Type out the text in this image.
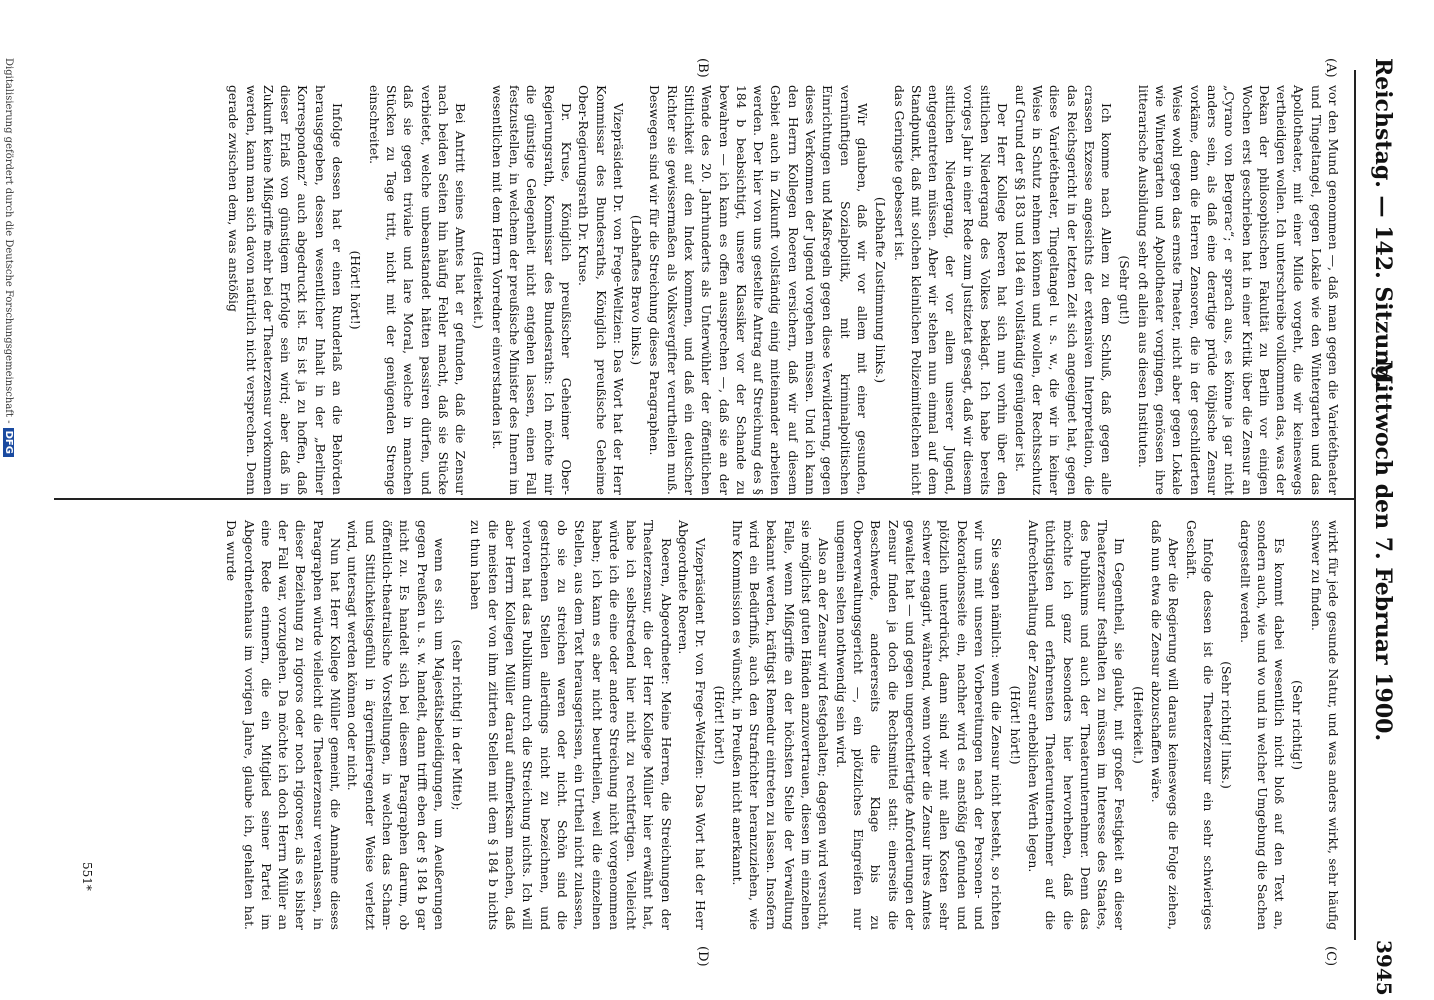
Reichstag. — 142. Sitzung.
Mittwoch den 7. Februar 1900.
3945
(A)
(B)
(C)
(D)

vor den Mund genommen —, daß man gegen die Varietétheater und Tingeltangel, gegen Lokale wie den Wintergarten und das Apollotheater, mit einer Milde vorgeht, die wir keineswegs vertheidigen wollen. Ich unterschreibe vollkommen das, was der Dekan der philosophischen Fakultät zu Berlin vor einigen Wochen erst geschrieben hat in einer Kritik über die Zensur an „Cyrano von Bergerac“; er sprach aus, es könne ja gar nicht anders sein, als daß eine derartige prüde tölpische Zensur vorkäme, denn die Herren Zensoren, die in der geschilderten Weise wohl gegen das ernste Theater, nicht aber gegen Lokale wie Wintergarten und Apollotheater vorgingen, genössen ihre litterarische Ausbildung sehr oft allein aus diesen Instituten.

(Sehr gut!)

Ich komme nach Allem zu dem Schluß, daß gegen alle crassen Exzesse angesichts der extensiven Interpretation, die das Reichsgericht in der letzten Zeit sich angeeignet hat, gegen diese Varietétheater, Tingeltangel u. s. w., die wir in keiner Weise in Schutz nehmen können und wollen, der Rechtsschutz auf Grund der §§ 183 und 184 ein vollständig genügender ist.

Der Herr Kollege Roeren hat sich nun vorhin über den sittlichen Niedergang des Volkes beklagt. Ich habe bereits voriges Jahr in einer Rede zum Justizetat gesagt, daß wir diesem sittlichen Niedergang, der vor allem unserer Jugend, entgegentreten müssen. Aber wir stehen nun einmal auf dem Standpunkt, daß mit solchen kleinlichen Polizeimittelchen nicht das Geringste gebessert ist.

(Lebhafte Zustimmung links.)

Wir glauben, daß wir vor allem mit einer gesunden, vernünftigen Sozialpolitik, mit kriminalpolitischen Einrichtungen und Maßregeln gegen diese Verwilderung, gegen dieses Verkommen der Jugend vorgehen müssen. Und ich kann den Herrn Kollegen Roeren versichern, daß wir auf diesem Gebiet auch in Zukunft vollständig einig miteinander arbeiten werden. Der hier von uns gestellte Antrag auf Streichung des § 184 b beabsichtigt, unsere Klassiker vor der Schande zu bewahren — ich kann es offen aussprechen —, daß sie an der Wende des 20. Jahrhunderts als Unterwühler der öffentlichen Sittlichkeit auf den Index kommen, und daß ein deutscher Richter sie gewissermaßen als Volksvergifter verurtheilen muß. Deswegen sind wir für die Streichung dieses Paragraphen.

(Lebhaftes Bravo links.)

Vizepräsident Dr. von Frege-Weltzien: Das Wort hat der Herr Kommissar des Bundesraths, Königlich preußische Geheime Ober-Regierungsrath Dr. Kruse.

Dr. Kruse, Königlich preußischer Geheimer Ober-Regierungsrath, Kommissar des Bundesraths: Ich möchte mir die günstige Gelegenheit nicht entgehen lassen, einen Fall festzustellen, in welchem der preußische Minister des Innern im wesentlichen mit dem Herrn Vorredner einverstanden ist.

(Heiterkeit.)

Bei Antritt seines Amtes hat er gefunden, daß die Zensur nach beiden Seiten hin häufig Fehler macht, daß sie Stücke verbietet, welche unbeanstandet hätten passiren dürfen, und daß sie gegen triviale und lare Moral, welche in manchen Stücken zu Tage tritt, nicht mit der genügenden Strenge einschreitet.

(Hört! hört!)

Infolge dessen hat er einen Runderlaß an die Behörden herausgegeben, dessen wesentlicher Inhalt in der „Berliner Korrespondenz“ auch abgedruckt ist. Es ist ja zu hoffen, daß dieser Erlaß von günstigem Erfolge sein wird; aber daß in Zukunft keine Mißgriffe mehr bei der Theaterzensur vorkommen werden, kann man sich davon natürlich nicht versprechen. Denn gerade zwischen dem, was anstößig

wirkt für jede gesunde Natur, und was anders wirkt, sehr häufig schwer zu finden.

(Sehr richtig!)

Es kommt dabei wesentlich nicht bloß auf den Text an, sondern auch, wie und wo und in welcher Umgebung die Sachen dargestellt werden.

(Sehr richtig! links.)

Infolge dessen ist die Theaterzensur ein sehr schwieriges Geschäft.

Aber die Regierung will daraus keineswegs die Folge ziehen, daß nun etwa die Zensur abzuschaffen wäre.

(Heiterkeit.)

Im Gegentheil, sie glaubt, mit großer Festigkeit an dieser Theaterzensur festhalten zu müssen im Interesse des Staates, des Publikums und auch der Theaterunternehmer. Denn das möchte ich ganz besonders hier hervorheben, daß die tüchtigsten und erfahrensten Theaterunternehmer auf die Aufrechterhaltung der Zensur erheblichen Werth legen.

(Hört! hört!)

Sie sagen nämlich: wenn die Zensur nicht besteht, so richten wir uns mit unseren Vorbereitungen nach der Personen- und Dekorationsseite ein, nachher wird es anstößig gefunden und plötzlich unterdrückt, dann sind wir mit allen Kosten sehr schwer engagirt, während, wenn vorher die Zensur ihres Amtes gewaltet hat — und gegen ungerechtfertigte Anforderungen der Zensur finden ja doch die Rechtsmittel statt: einerseits die Beschwerde, andererseits die Klage bis zu Oberverwaltungsgericht —, ein plötzliches Eingreifen nur ungemein selten nothwendig sein wird.

Also an der Zensur wird festgehalten; dagegen wird versucht, sie möglichst guten Händen anzuvertrauen, diesen im einzelnen Falle, wenn Mißgriffe an der höchsten Stelle der Verwaltung bekannt werden, kräftigst Remedur eintreten zu lassen. Insofern wird ein Bedürfniß, auch den Strafrichter heranzuziehen, wie Ihre Kommission es wünscht, in Preußen nicht anerkannt.

(Hört! hört!)

Vizepräsident Dr. von Frege-Weltzien: Das Wort hat der Herr Abgeordnete Roeren.

Roeren, Abgeordneter: Meine Herren, die Streichungen der Theaterzensur, die der Herr Kollege Müller hier erwähnt hat, habe ich selbstredend hier nicht zu rechtfertigen. Vielleicht würde ich die eine oder andere Streichung nicht vorgenommen haben; ich kann es aber nicht beurtheilen, weil die einzelnen Stellen, aus dem Text herausgerissen, ein Urtheil nicht zulassen, ob sie zu streichen waren oder nicht. Schön sind die gestrichenen Stellen allerdings nicht zu bezeichnen, und verloren hat das Publikum durch die Streichung nichts. Ich will aber Herrn Kollegen Müller darauf aufmerksam machen, daß die meisten der von ihm zitirten Stellen mit dem § 184 b nichts zu thun haben

(sehr richtig! in der Mitte);

wenn es sich um Majestätsbeleidigungen, um Aeußerungen gegen Preußen u. s. w. handelt, dann trifft eben der § 184 b gar nicht zu. Es handelt sich bei diesem Paragraphen darum, ob öffentlich-theatralische Vorstellungen, in welchen das Scham- und Sittlichkeitsgefühl in ärgernißerregender Weise verletzt wird, untersagt werden können oder nicht.

Nun hat Herr Kollege Müller gemeint, die Annahme dieses Paragraphen würde vielleicht die Theaterzensur veranlassen, in dieser Beziehung zu rigoros oder noch rigoroser, als es bisher der Fall war, vorzugehen. Da möchte ich doch Herrn Müller an eine Rede erinnern, die ein Mitglied seiner Partei im Abgeordnetenhaus im vorigen Jahre, glaube ich, gehalten hat. Da wurde

551*
Digitalisierung gefördert durch die Deutsche Forschungsgemeinschaft -DFG
